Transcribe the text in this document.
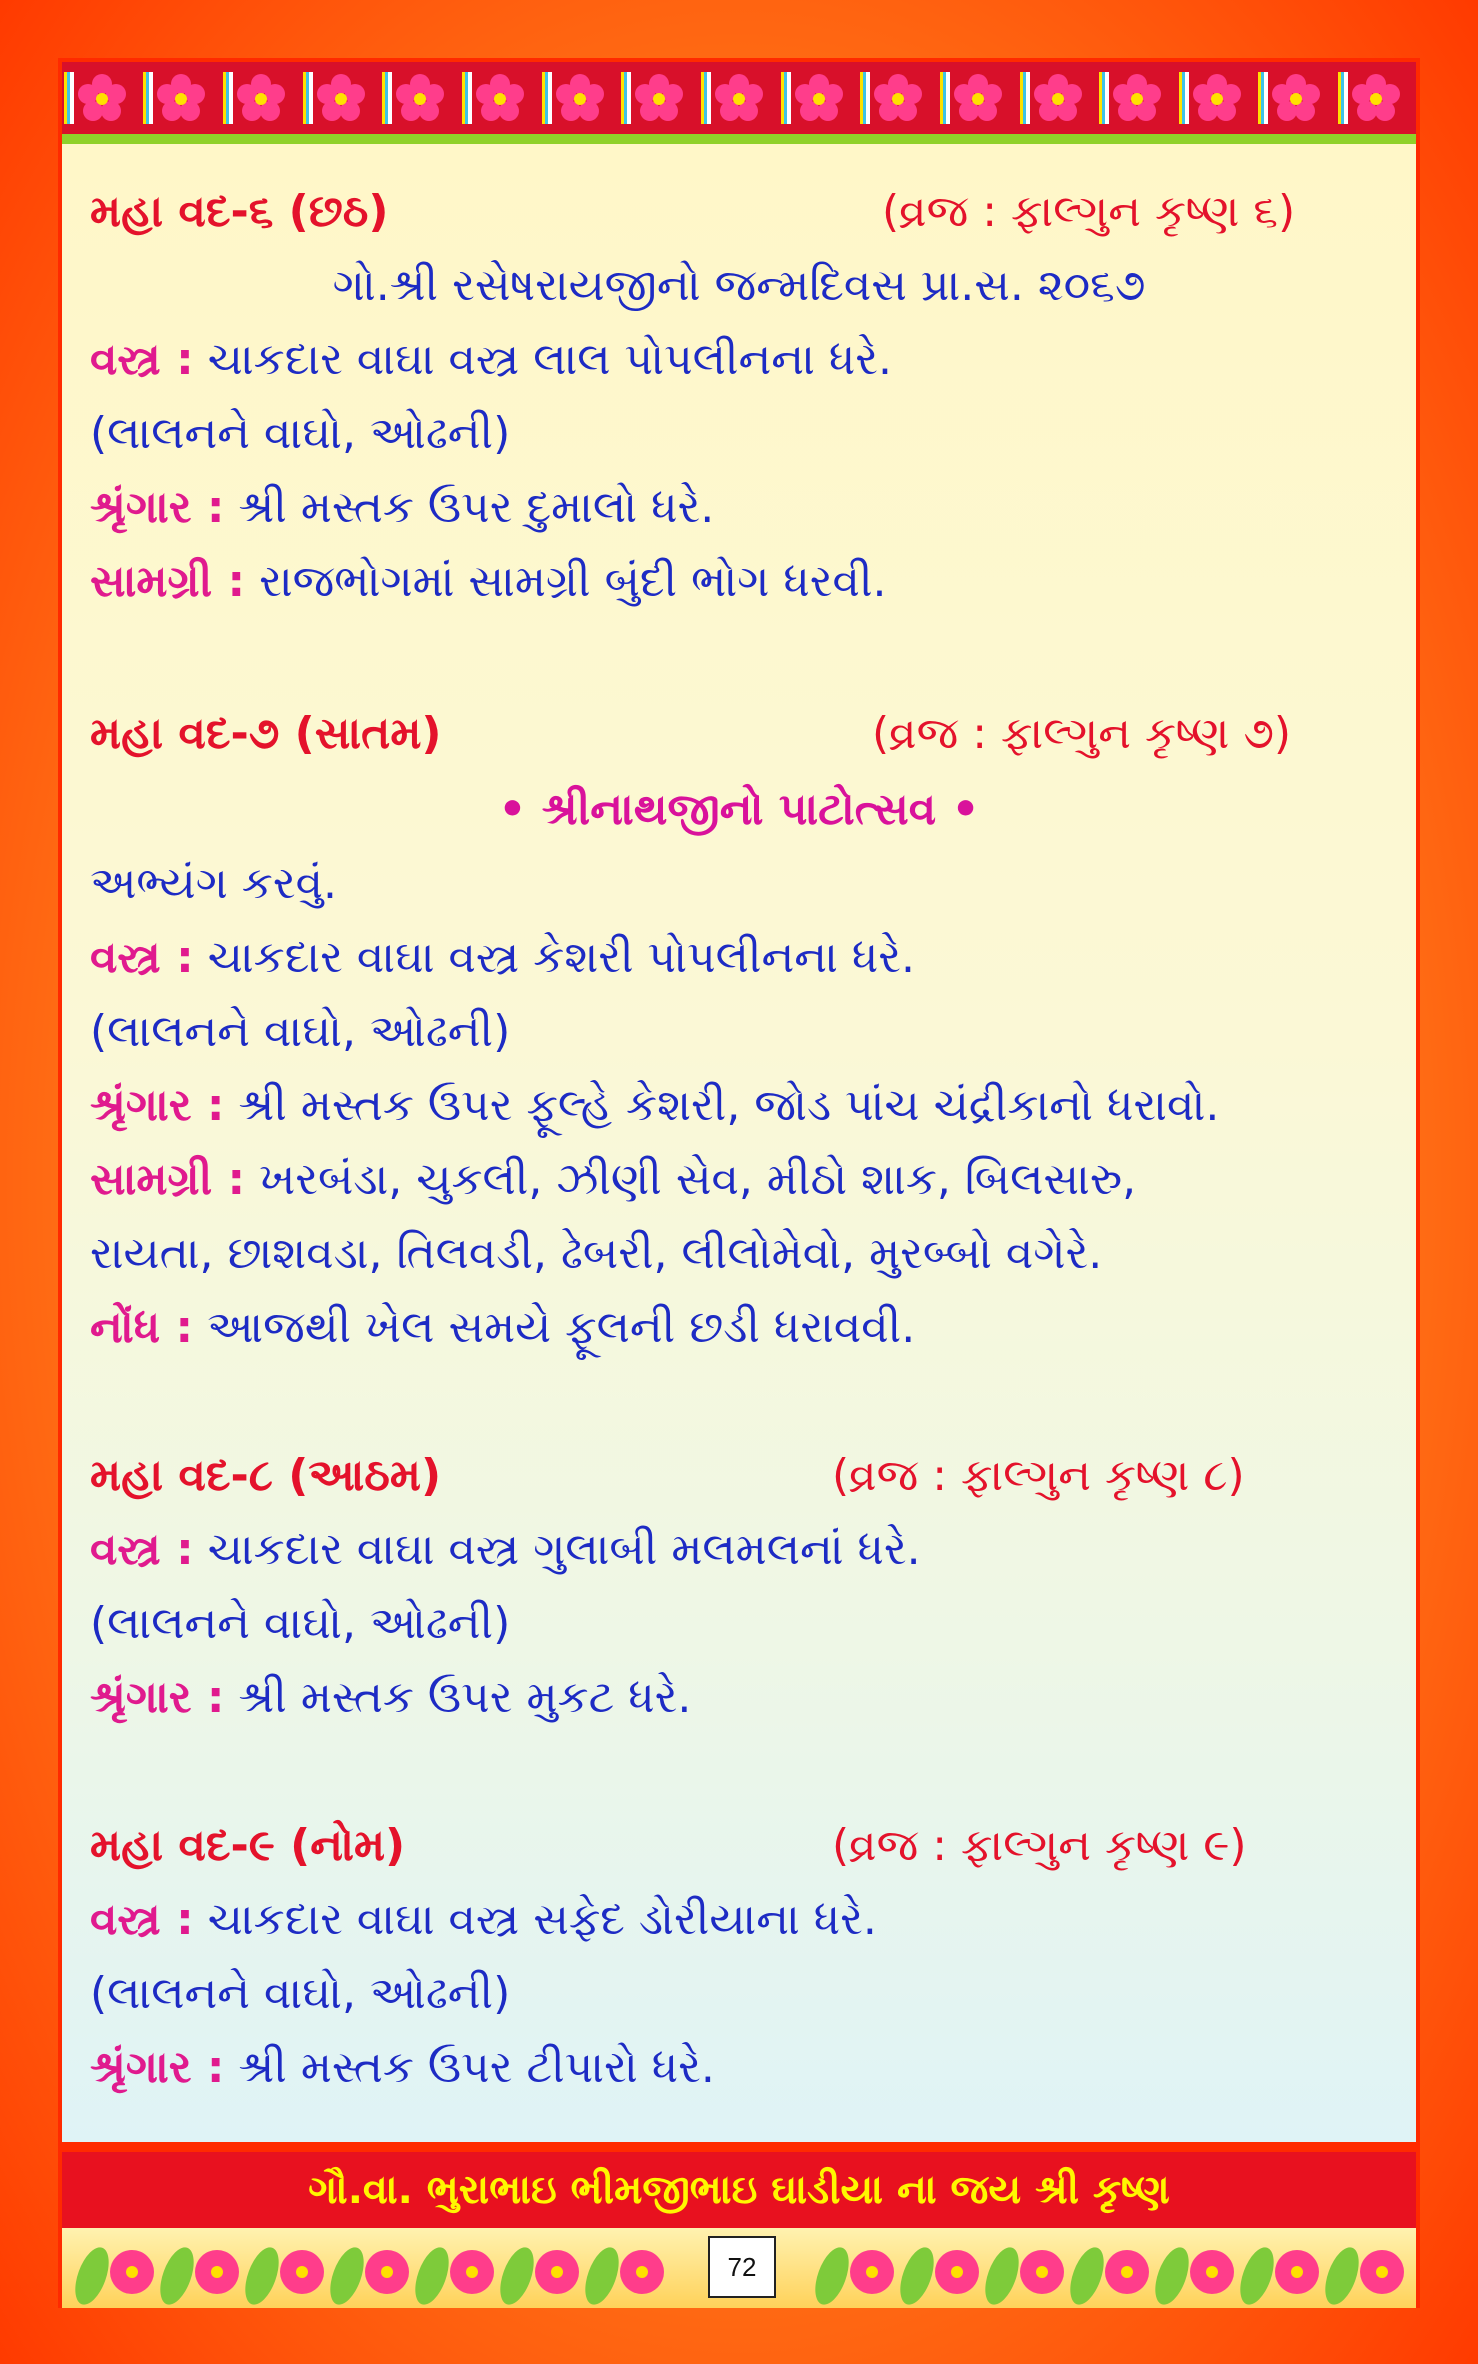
મહા વદ-૬ (છઠ)	(વ્રજ : ફાલ્ગુન કૃષ્ણ ૬)
ગો.શ્રી રસેષરાયજીનો જન્મદિવસ પ્રા.સ. ૨૦૬૭
વસ્ત્ર : ચાકદાર વાઘા વસ્ત્ર લાલ પોપલીનના ધરે.
(લાલનને વાઘો, ઓઢની)
શ્રૃંગાર : શ્રી મસ્તક ઉપર દુમાલો ધરે.
સામગ્રી : રાજભોગમાં સામગ્રી બુંદી ભોગ ધરવી.
મહા વદ-૭ (સાતમ)	(વ્રજ : ફાલ્ગુન કૃષ્ણ ૭)
• શ્રીનાથજીનો પાટોત્સવ •
અભ્યંગ કરવું.
વસ્ત્ર : ચાકદાર વાઘા વસ્ત્ર કેશરી પોપલીનના ધરે.
(લાલનને વાઘો, ઓઢની)
શ્રૃંગાર : શ્રી મસ્તક ઉપર ફૂલ્હે કેશરી, જોડ પાંચ ચંદ્રીકાનો ધરાવો.
સામગ્રી : ખરબંડા, ચુકલી, ઝીણી સેવ, મીઠો શાક, બિલસારુ,
રાયતા, છાશવડા, તિલવડી, ઢેબરી, લીલોમેવો, મુરબ્બો વગેરે.
નોંધ : આજથી ખેલ સમયે ફૂલની છડી ધરાવવી.
મહા વદ-૮ (આઠમ)	(વ્રજ : ફાલ્ગુન કૃષ્ણ ૮)
વસ્ત્ર : ચાકદાર વાઘા વસ્ત્ર ગુલાબી મલમલનાં ધરે.
(લાલનને વાઘો, ઓઢની)
શ્રૃંગાર : શ્રી મસ્તક ઉપર મુકટ ધરે.
મહા વદ-૯ (નોમ)	(વ્રજ : ફાલ્ગુન કૃષ્ણ ૯)
વસ્ત્ર : ચાકદાર વાઘા વસ્ત્ર સફેદ ડોરીયાના ધરે.
(લાલનને વાઘો, ઓઢની)
શ્રૃંગાર : શ્રી મસ્તક ઉપર ટીપારો ધરે.
ગૌ.વા. ભુરાભાઇ ભીમજીભાઇ ઘાડીયા ના જય શ્રી કૃષ્ણ
72
